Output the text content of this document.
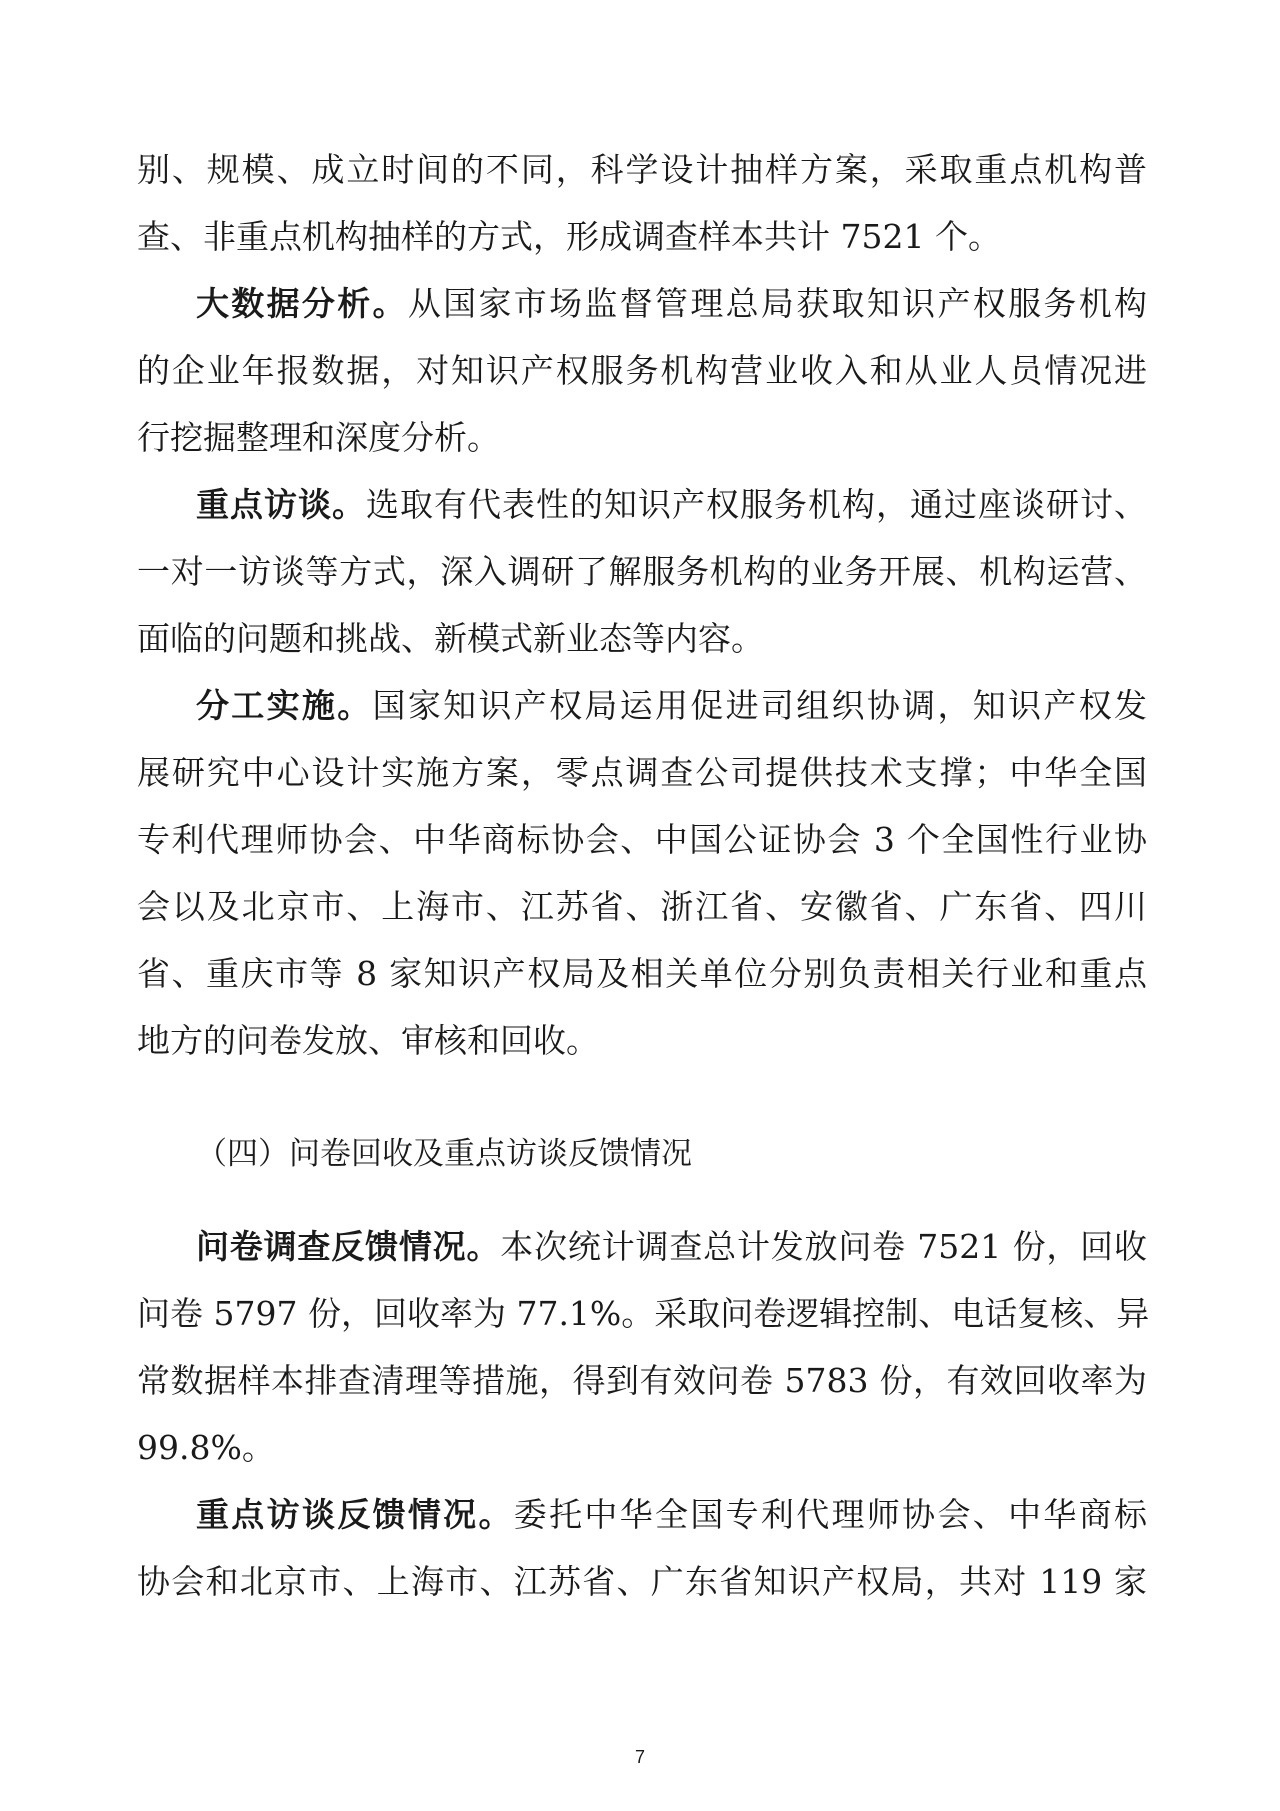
别、规模、成立时间的不同，科学设计抽样方案，采取重点机构普
查、非重点机构抽样的方式，形成调查样本共计 7521 个。
大数据分析。从国家市场监督管理总局获取知识产权服务机构
的企业年报数据，对知识产权服务机构营业收入和从业人员情况进
行挖掘整理和深度分析。
重点访谈。选取有代表性的知识产权服务机构，通过座谈研讨、
一对一访谈等方式，深入调研了解服务机构的业务开展、机构运营、
面临的问题和挑战、新模式新业态等内容。
分工实施。国家知识产权局运用促进司组织协调，知识产权发
展研究中心设计实施方案，零点调查公司提供技术支撑；中华全国
专利代理师协会、中华商标协会、中国公证协会 3 个全国性行业协
会以及北京市、上海市、江苏省、浙江省、安徽省、广东省、四川
省、重庆市等 8 家知识产权局及相关单位分别负责相关行业和重点
地方的问卷发放、审核和回收。
（四）问卷回收及重点访谈反馈情况
问卷调查反馈情况。本次统计调查总计发放问卷 7521 份，回收
问卷 5797 份，回收率为 77.1%。采取问卷逻辑控制、电话复核、异
常数据样本排查清理等措施，得到有效问卷 5783 份，有效回收率为
99.8%。
重点访谈反馈情况。委托中华全国专利代理师协会、中华商标
协会和北京市、上海市、江苏省、广东省知识产权局，共对 119 家
7
